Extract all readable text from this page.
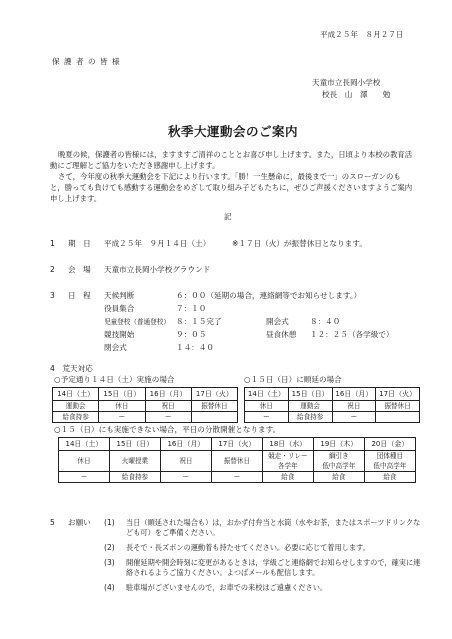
平成２５年　８月２７日
保 護 者 の 皆 様
天童市立長岡小学校
校長　山　澤　　勉
秋季大運動会のご案内
晩夏の候，保護者の皆様には，ますますご清祥のこととお喜び申し上げます。また，日頃より本校の教育活動にご理解とご協力をいただき感謝申し上げます。
さて，今年度の秋季大運動会を下記により行います。「勝！一生懸命に，最後まで一」のスローガンのもと，勝っても負けても感動する運動会をめざして取り組み子どもたちに，ぜひご声援くださいますようご案内申し上げます。
記
1 期　日 平成２５年　９月１４日（土）	※１７日（火）が振替休日となります。
2 会　場 天童市立長岡小学校グラウンド
3 日　程 天候判断	６：００（延期の場合，連絡網等でお知らせします。）
役員集合	７：１０
児童登校（普通登校） ８：１５完了	開会式	８：４０
競技開始	９：０５	昼食休憩 １２：２５（各学級で）
閉会式	１４：４０
4　荒天対応
○予定通り１４日（土）実施の場合
14日（土）	15日（日）	16日（月）	17日（火）
運動会	休日	祝日	振替休日
給食持参	ー	ー	
○１５日（日）に順延の場合
14日（土）	15日（日）	16日（月）	17日（火）
休日	運動会	祝日	振替休日
ー	給食持参	ー	
○１５（日）にも実施できない場合，平日の分散開催となります。
14日（土）	15日（日）	16日（月）	17日（火）	18日（水）	19日（木）	20日（金）
休日	火曜授業	祝日	振替休日	競走・リレー	綱引き	団体種目
				各学年	低中高学年	低中高学年
ー	給食持参	ー	ー	給食	給食	給食
5 お願い (1) 当日（順延された場合も）は，おかず付弁当と水筒（水やお茶，またはスポーツドリンクなども可）をご準備ください。
(2) 長そで・長ズボンの運動着も持たせてください。必要に応じて着用します。
(3) 開催延期や開会時刻に変更があるときは，学級ごと連絡網でお知らせしますので，確実に連絡されるようご協力ください。よつばメールも配信します。
(4) 駐車場がございませんので，お車での来校はご遠慮ください。
